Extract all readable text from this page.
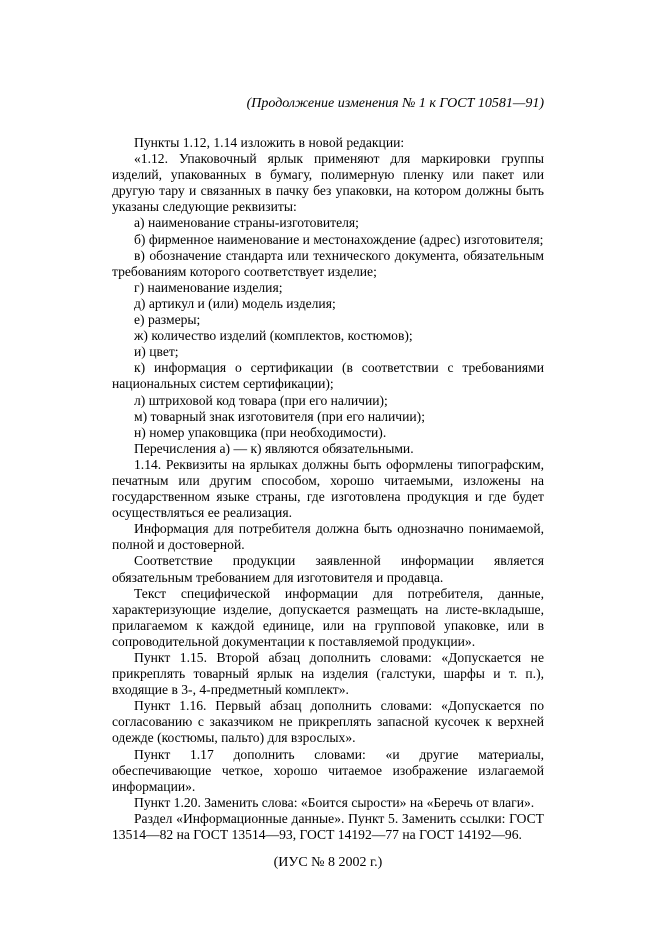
(Продолжение изменения № 1 к ГОСТ 10581—91)

Пункты 1.12, 1.14 изложить в новой редакции:

«1.12. Упаковочный ярлык применяют для маркировки группы изделий, упакованных в бумагу, полимерную пленку или пакет или другую тару и связанных в пачку без упаковки, на котором должны быть указаны следующие реквизиты:

а) наименование страны-изготовителя;

б) фирменное наименование и местонахождение (адрес) изготовителя;

в) обозначение стандарта или технического документа, обязательным требованиям которого соответствует изделие;

г) наименование изделия;

д) артикул и (или) модель изделия;

е) размеры;

ж) количество изделий (комплектов, костюмов);

и) цвет;

к) информация о сертификации (в соответствии с требованиями национальных систем сертификации);

л) штриховой код товара (при его наличии);

м) товарный знак изготовителя (при его наличии);

н) номер упаковщика (при необходимости).

Перечисления а) — к) являются обязательными.

1.14. Реквизиты на ярлыках должны быть оформлены типографским, печатным или другим способом, хорошо читаемыми, изложены на государственном языке страны, где изготовлена продукция и где будет осуществляться ее реализация.

Информация для потребителя должна быть однозначно понимаемой, полной и достоверной.

Соответствие продукции заявленной информации является обязательным требованием для изготовителя и продавца.

Текст специфической информации для потребителя, данные, характеризующие изделие, допускается размещать на листе-вкладыше, прилагаемом к каждой единице, или на групповой упаковке, или в сопроводительной документации к поставляемой продукции».

Пункт 1.15. Второй абзац дополнить словами: «Допускается не прикреплять товарный ярлык на изделия (галстуки, шарфы и т. п.), входящие в 3-, 4-предметный комплект».

Пункт 1.16. Первый абзац дополнить словами: «Допускается по согласованию с заказчиком не прикреплять запасной кусочек к верхней одежде (костюмы, пальто) для взрослых».

Пункт 1.17 дополнить словами: «и другие материалы, обеспечивающие четкое, хорошо читаемое изображение излагаемой информации».

Пункт 1.20. Заменить слова: «Боится сырости» на «Беречь от влаги».

Раздел «Информационные данные». Пункт 5. Заменить ссылки: ГОСТ 13514—82 на ГОСТ 13514—93, ГОСТ 14192—77 на ГОСТ 14192—96.

(ИУС № 8 2002 г.)
